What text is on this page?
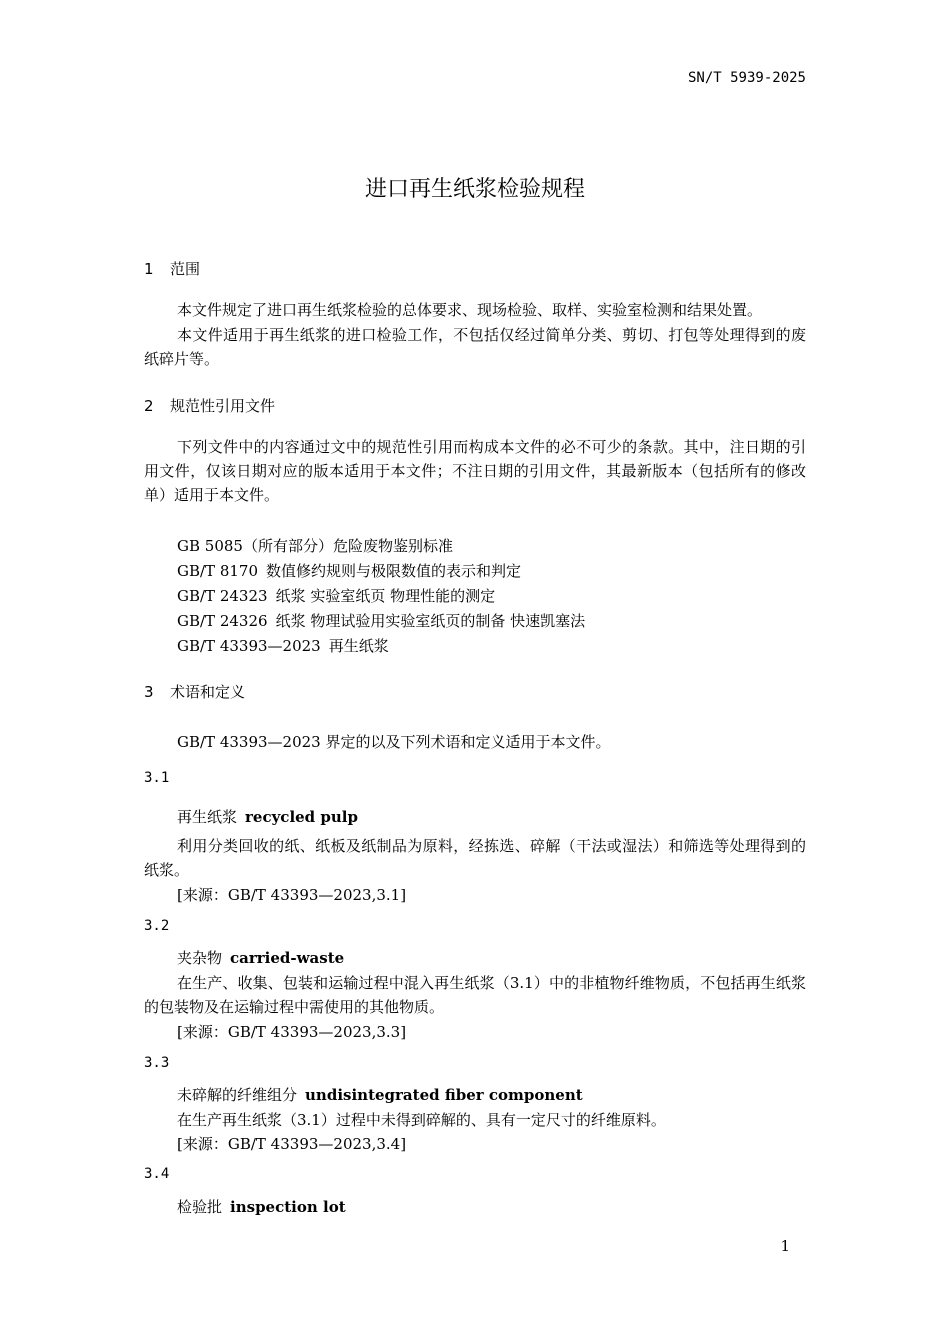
SN/T 5939-2025
进口再生纸浆检验规程
1 范围
本文件规定了进口再生纸浆检验的总体要求、现场检验、取样、实验室检测和结果处置。
本文件适用于再生纸浆的进口检验工作，不包括仅经过简单分类、剪切、打包等处理得到的废纸碎片等。
2 规范性引用文件
下列文件中的内容通过文中的规范性引用而构成本文件的必不可少的条款。其中，注日期的引用文件，仅该日期对应的版本适用于本文件；不注日期的引用文件，其最新版本（包括所有的修改单）适用于本文件。
GB 5085（所有部分）危险废物鉴别标准
GB/T 8170 数值修约规则与极限数值的表示和判定
GB/T 24323 纸浆 实验室纸页 物理性能的测定
GB/T 24326 纸浆 物理试验用实验室纸页的制备 快速凯塞法
GB/T 43393—2023 再生纸浆
3 术语和定义
GB/T 43393—2023 界定的以及下列术语和定义适用于本文件。
3.1
再生纸浆 recycled pulp
利用分类回收的纸、纸板及纸制品为原料，经拣选、碎解（干法或湿法）和筛选等处理得到的纸浆。
[来源：GB/T 43393—2023,3.1]
3.2
夹杂物 carried-waste
在生产、收集、包装和运输过程中混入再生纸浆（3.1）中的非植物纤维物质，不包括再生纸浆的包装物及在运输过程中需使用的其他物质。
[来源：GB/T 43393—2023,3.3]
3.3
未碎解的纤维组分 undisintegrated fiber component
在生产再生纸浆（3.1）过程中未得到碎解的、具有一定尺寸的纤维原料。
[来源：GB/T 43393—2023,3.4]
3.4
检验批 inspection lot
1
